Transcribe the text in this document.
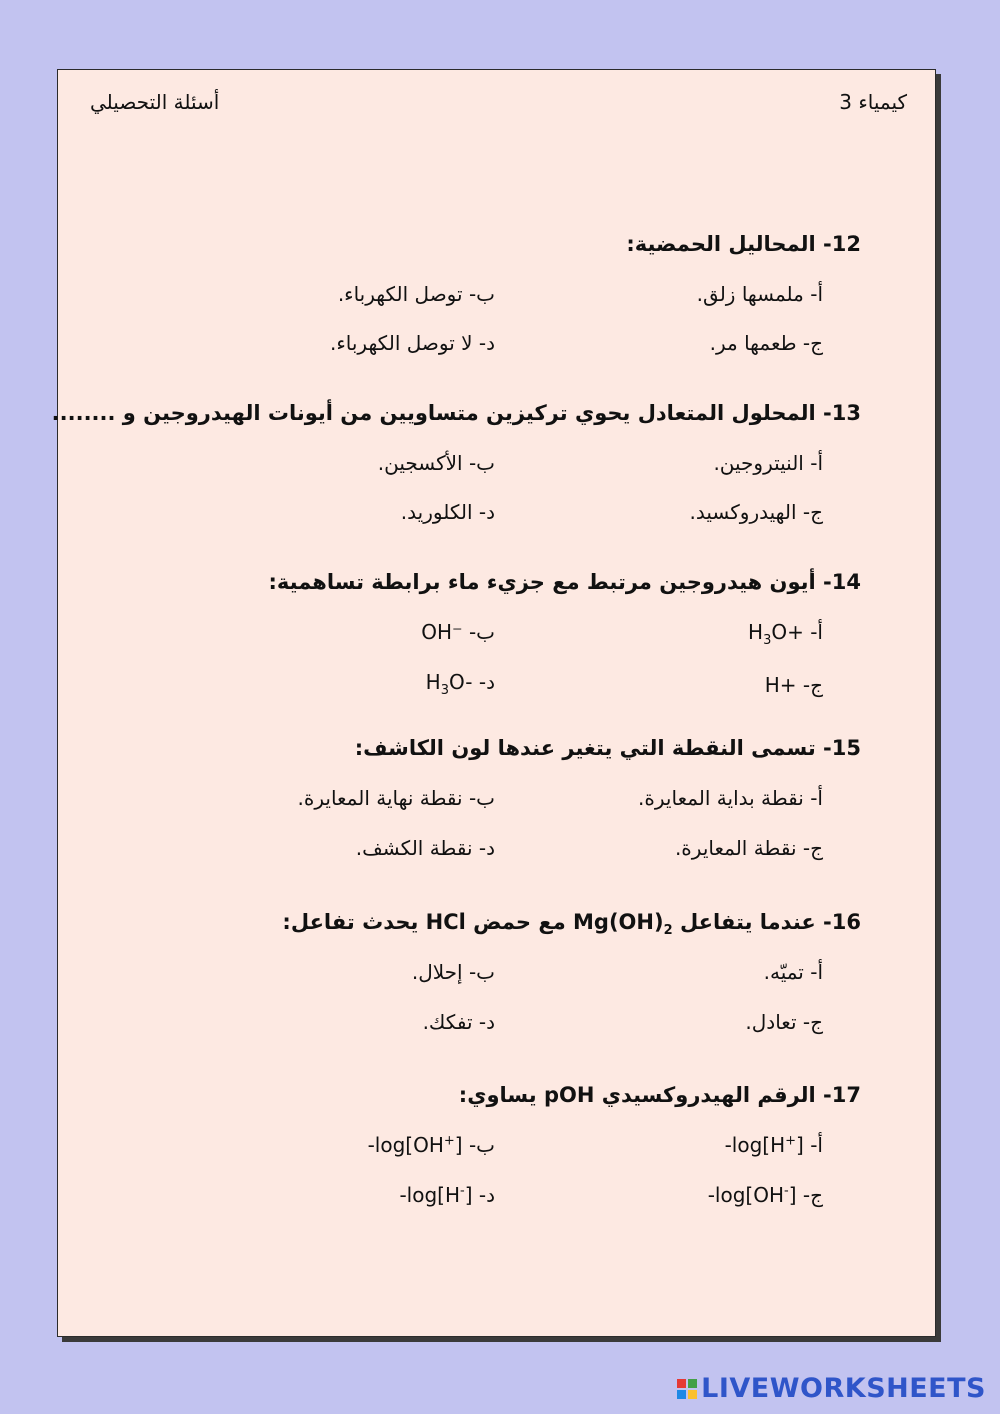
كيمياء 3
أسئلة التحصيلي
12- المحاليل الحمضية:
أ- ملمسها زلق.
ب- توصل الكهرباء.
ج- طعمها مر.
د- لا توصل الكهرباء.
13- المحلول المتعادل يحوي تركيزين متساويين من أيونات الهيدروجين و ........
أ- النيتروجين.
ب- الأكسجين.
ج- الهيدروكسيد.
د- الكلوريد.
14- أيون هيدروجين مرتبط مع جزيء ماء برابطة تساهمية:
أ- $H_3O+$
ب- OH⁻
ج- H+
د- $H_3O-$
15- تسمى النقطة التي يتغير عندها لون الكاشف:
أ- نقطة بداية المعايرة.
ب- نقطة نهاية المعايرة.
ج- نقطة المعايرة.
د- نقطة الكشف.
16- عندما يتفاعل $Mg(OH)_2$ مع حمض HCl يحدث تفاعل:
أ- تميّه.
ب- إحلال.
ج- تعادل.
د- تفكك.
17- الرقم الهيدروكسيدي pOH يساوي:
أ- -log[H+]
ب- -log[OH+]
ج- -log[OH-]
د- -log[H-]
LIVEWORKSHEETS
